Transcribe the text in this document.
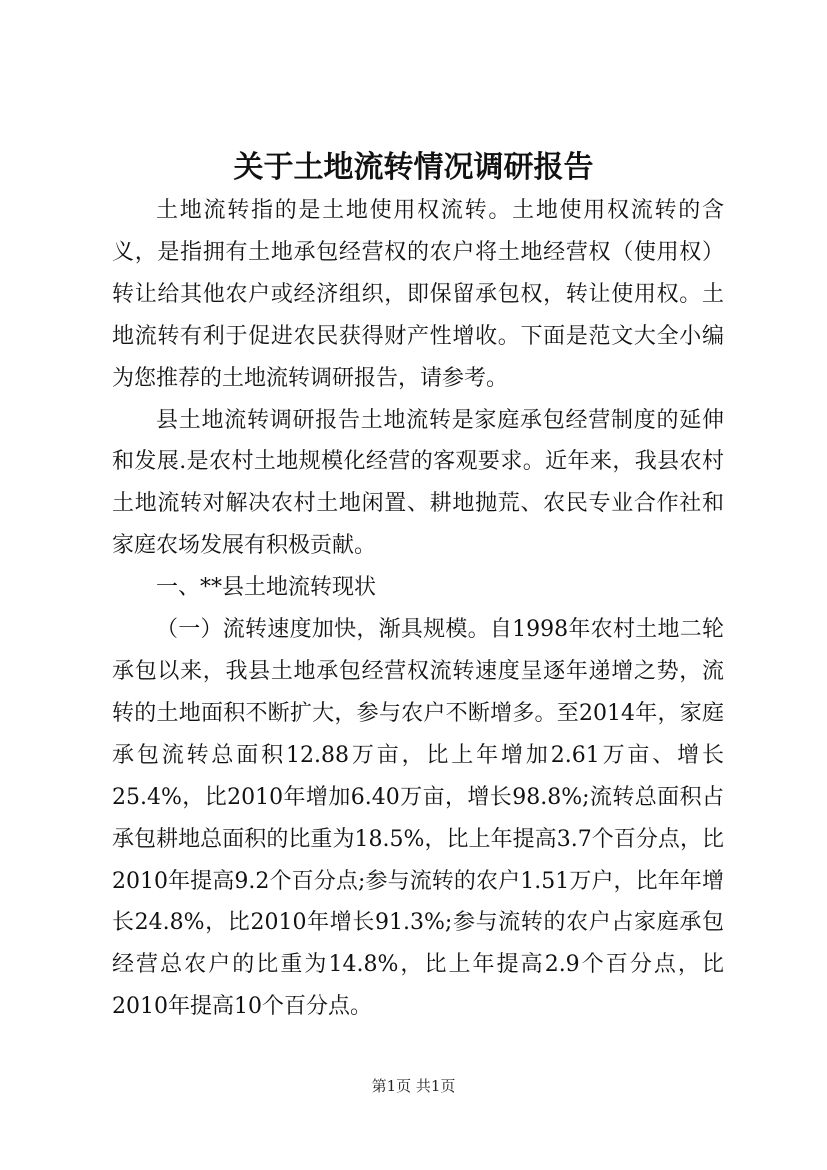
关于土地流转情况调研报告

土地流转指的是土地使用权流转。土地使用权流转的含义，是指拥有土地承包经营权的农户将土地经营权（使用权）转让给其他农户或经济组织，即保留承包权，转让使用权。土地流转有利于促进农民获得财产性增收。下面是范文大全小编为您推荐的土地流转调研报告，请参考。

县土地流转调研报告土地流转是家庭承包经营制度的延伸和发展.是农村土地规模化经营的客观要求。近年来，我县农村土地流转对解决农村土地闲置、耕地抛荒、农民专业合作社和家庭农场发展有积极贡献。

一、**县土地流转现状

（一）流转速度加快，渐具规模。自1998年农村土地二轮承包以来，我县土地承包经营权流转速度呈逐年递增之势，流转的土地面积不断扩大，参与农户不断增多。至2014年，家庭承包流转总面积12.88万亩，比上年增加2.61万亩、增长25.4%，比2010年增加6.40万亩，增长98.8%;流转总面积占承包耕地总面积的比重为18.5%，比上年提高3.7个百分点，比2010年提高9.2个百分点;参与流转的农户1.51万户，比年年增长24.8%，比2010年增长91.3%;参与流转的农户占家庭承包经营总农户的比重为14.8%，比上年提高2.9个百分点，比2010年提高10个百分点。

第1页 共1页
